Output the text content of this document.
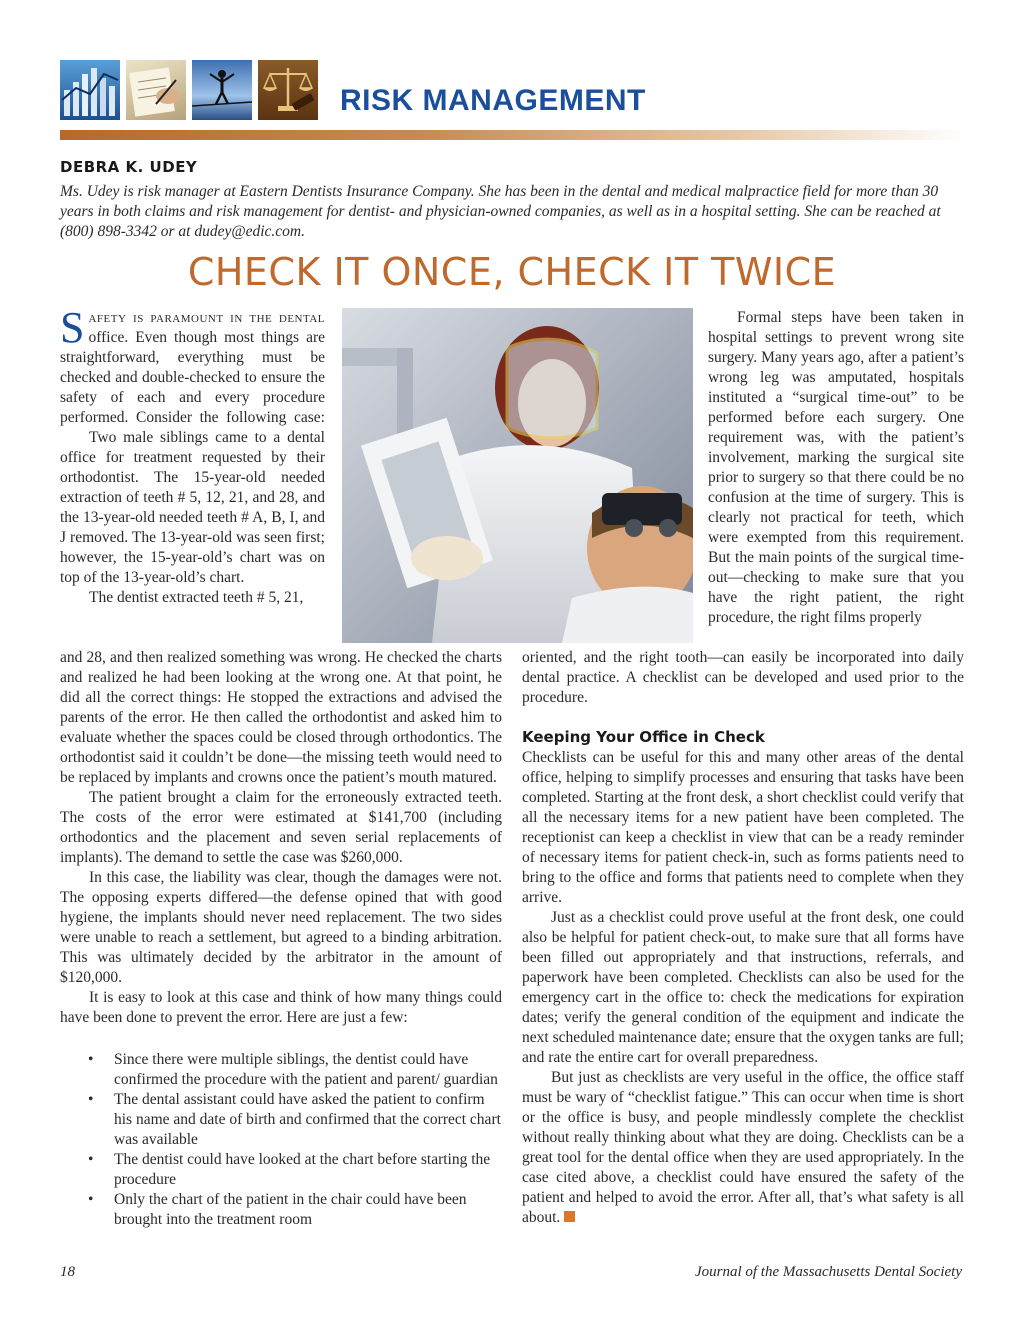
RISK MANAGEMENT
DEBRA K. UDEY

Ms. Udey is risk manager at Eastern Dentists Insurance Company. She has been in the dental and medical malpractice field for more than 30 years in both claims and risk management for dentist- and physician-owned companies, as well as in a hospital setting. She can be reached at (800) 898-3342 or at dudey@edic.com.

CHECK IT ONCE, CHECK IT TWICE

Safety is paramount in the dental office. Even though most things are straightforward, everything must be checked and double-checked to ensure the safety of each and every procedure performed. Consider the following case:

Two male siblings came to a dental office for treatment requested by their orthodontist. The 15-year-old needed extraction of teeth # 5, 12, 21, and 28, and the 13-year-old needed teeth # A, B, I, and J removed. The 13-year-old was seen first; however, the 15-year-old’s chart was on top of the 13-year-old’s chart.

The dentist extracted teeth # 5, 21,

and 28, and then realized something was wrong. He checked the charts and realized he had been looking at the wrong one. At that point, he did all the correct things: He stopped the extractions and advised the parents of the error. He then called the orthodontist and asked him to evaluate whether the spaces could be closed through orthodontics. The orthodontist said it couldn’t be done—the missing teeth would need to be replaced by implants and crowns once the patient’s mouth matured.

The patient brought a claim for the erroneously extracted teeth. The costs of the error were estimated at $141,700 (including orthodontics and the placement and seven serial replacements of implants). The demand to settle the case was $260,000.

In this case, the liability was clear, though the damages were not. The opposing experts differed—the defense opined that with good hygiene, the implants should never need replacement. The two sides were unable to reach a settlement, but agreed to a binding arbitration. This was ultimately decided by the arbitrator in the amount of $120,000.

It is easy to look at this case and think of how many things could have been done to prevent the error. Here are just a few:

• Since there were multiple siblings, the dentist could have confirmed the procedure with the patient and parent/ guardian
• The dental assistant could have asked the patient to confirm his name and date of birth and confirmed that the correct chart was available
• The dentist could have looked at the chart before starting the procedure
• Only the chart of the patient in the chair could have been brought into the treatment room

Formal steps have been taken in hospital settings to prevent wrong site surgery. Many years ago, after a patient’s wrong leg was amputated, hospitals instituted a “surgical time-out” to be performed before each surgery. One requirement was, with the patient’s involvement, marking the surgical site prior to surgery so that there could be no confusion at the time of surgery. This is clearly not practical for teeth, which were exempted from this requirement. But the main points of the surgical time-out—checking to make sure that you have the right patient, the right procedure, the right films properly

oriented, and the right tooth—can easily be incorporated into daily dental practice. A checklist can be developed and used prior to the procedure.

Keeping Your Office in Check

Checklists can be useful for this and many other areas of the dental office, helping to simplify processes and ensuring that tasks have been completed. Starting at the front desk, a short checklist could verify that all the necessary items for a new patient have been completed. The receptionist can keep a checklist in view that can be a ready reminder of necessary items for patient check-in, such as forms patients need to bring to the office and forms that patients need to complete when they arrive.

Just as a checklist could prove useful at the front desk, one could also be helpful for patient check-out, to make sure that all forms have been filled out appropriately and that instructions, referrals, and paperwork have been completed. Checklists can also be used for the emergency cart in the office to: check the medications for expiration dates; verify the general condition of the equipment and indicate the next scheduled maintenance date; ensure that the oxygen tanks are full; and rate the entire cart for overall preparedness.

But just as checklists are very useful in the office, the office staff must be wary of “checklist fatigue.” This can occur when time is short or the office is busy, and people mindlessly complete the checklist without really thinking about what they are doing. Checklists can be a great tool for the dental office when they are used appropriately. In the case cited above, a checklist could have ensured the safety of the patient and helped to avoid the error. After all, that’s what safety is all about.

18	Journal of the Massachusetts Dental Society
